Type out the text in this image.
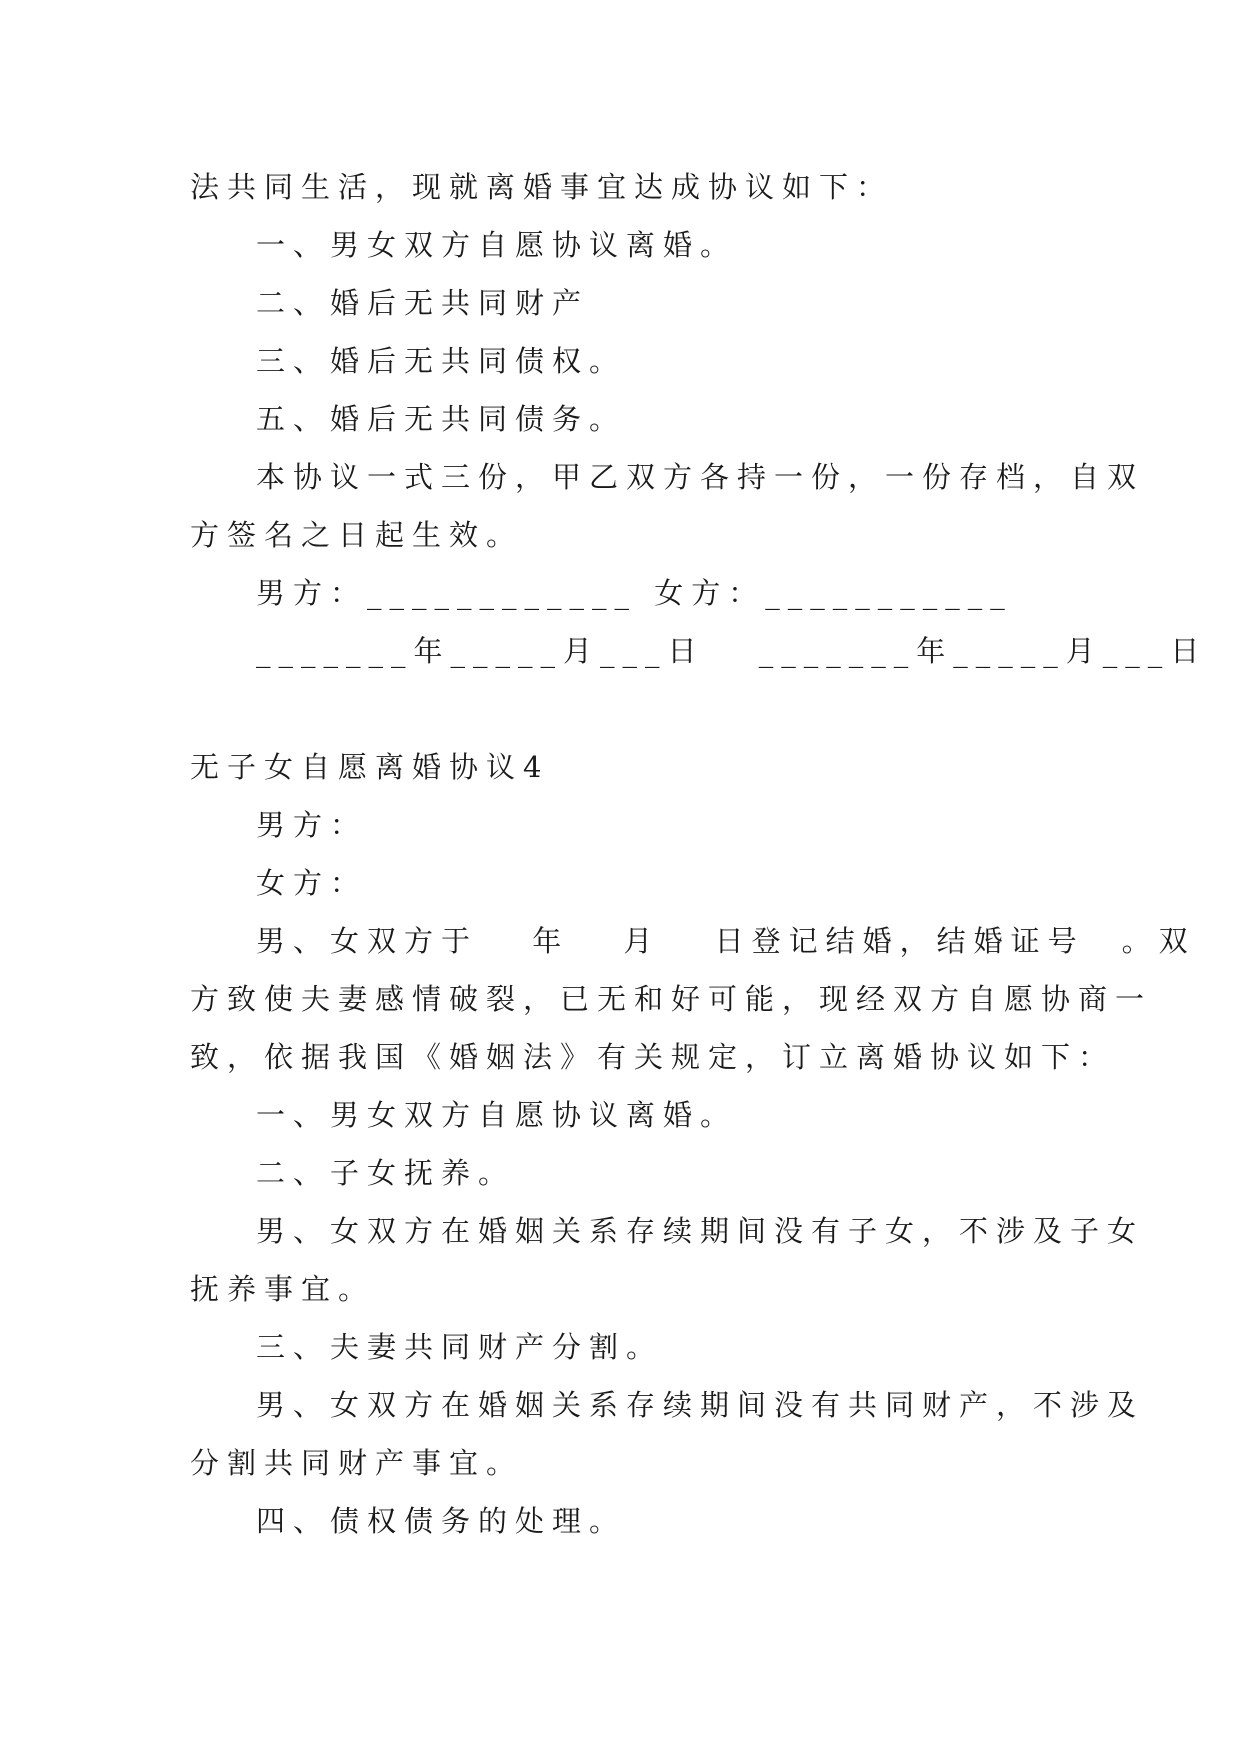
法共同生活，现就离婚事宜达成协议如下：
一、男女双方自愿协议离婚。
二、婚后无共同财产
三、婚后无共同债权。
五、婚后无共同债务。
本协议一式三份，甲乙双方各持一份，一份存档，自双
方签名之日起生效。
男方：____________ 女方：___________
_______年_____月___日　 _______年_____月___日
无子女自愿离婚协议4
男方：
女方：
男、女双方于　 年　 月　 日登记结婚，结婚证号　。双
方致使夫妻感情破裂，已无和好可能，现经双方自愿协商一
致，依据我国《婚姻法》有关规定，订立离婚协议如下：
一、男女双方自愿协议离婚。
二、子女抚养。
男、女双方在婚姻关系存续期间没有子女，不涉及子女
抚养事宜。
三、夫妻共同财产分割。
男、女双方在婚姻关系存续期间没有共同财产，不涉及
分割共同财产事宜。
四、债权债务的处理。
